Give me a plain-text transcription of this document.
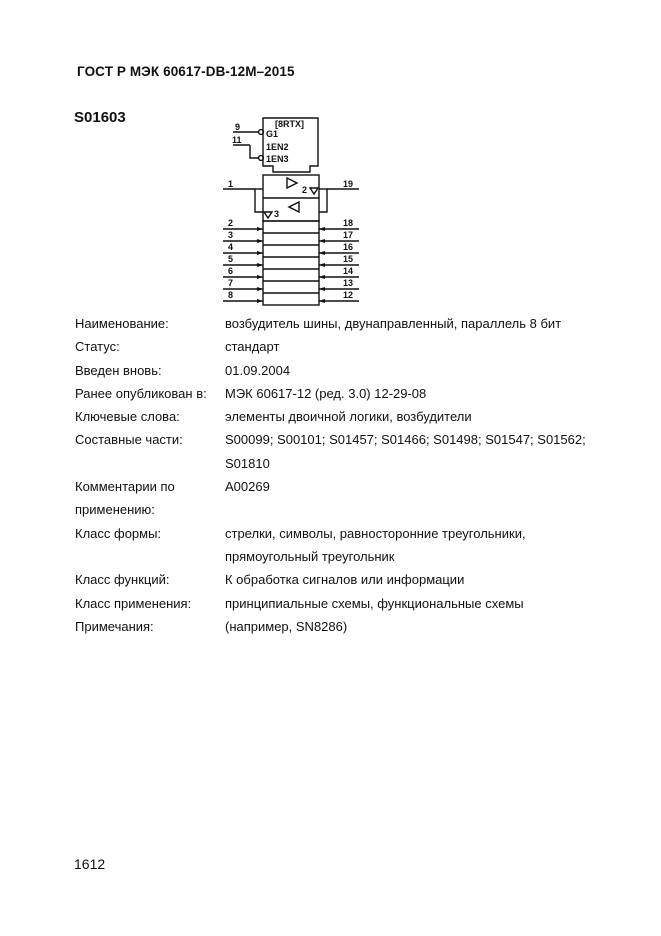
ГОСТ Р МЭК 60617-DB-12M–2015
S01603	[8RTX]
G1
1EN2
1EN3
9
11
1	19
2
3
2
3
4
5
6
7
8
18
17
16
15
14
13
12
Наименование:	возбудитель шины, двунаправленный, параллель 8 бит
Статус:	стандарт
Введен вновь:	01.09.2004
Ранее опубликован в:	МЭК 60617-12 (ред. 3.0) 12-29-08
Ключевые слова:	элементы двоичной логики, возбудители
Составные части:	S00099; S00101; S01457; S01466; S01498; S01547; S01562;
S01810
Комментарии по
применению:
A00269
Класс формы:	стрелки, символы, равносторонние треугольники,
прямоугольный треугольник
Класс функций:	К обработка сигналов или информации
Класс применения:	принципиальные схемы, функциональные схемы
Примечания:	(например, SN8286)
1612
